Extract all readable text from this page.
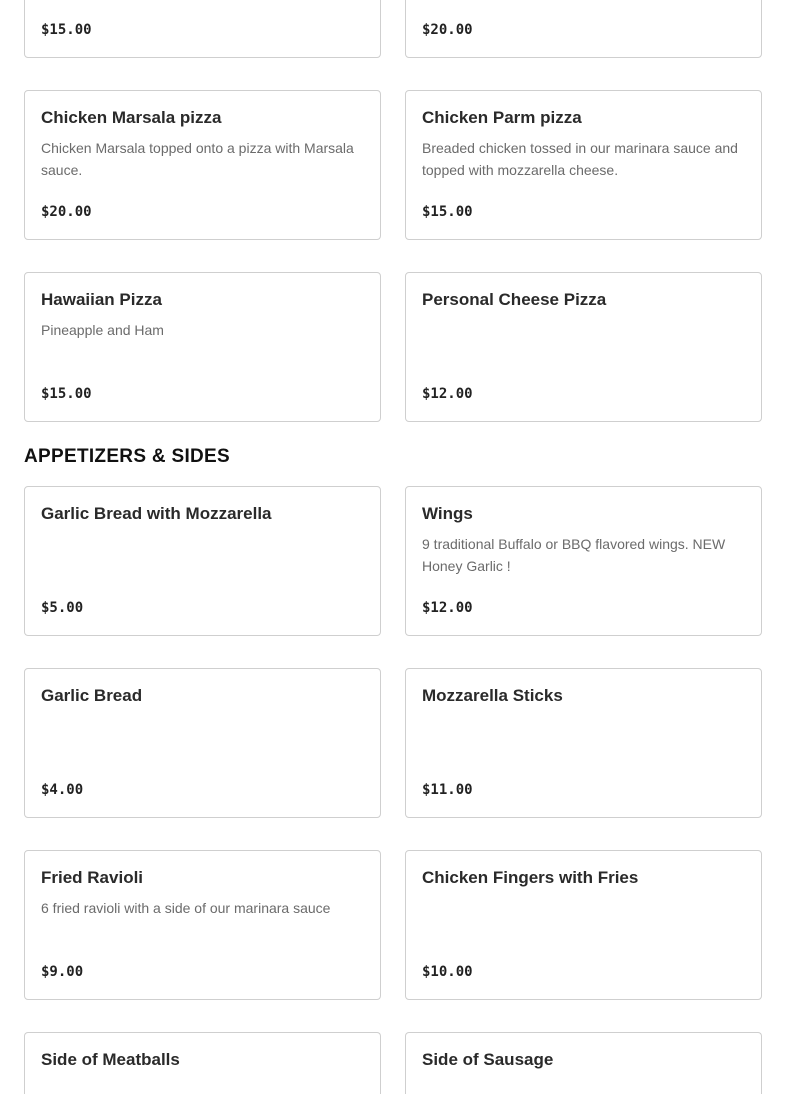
$15.00	$20.00
Chicken Marsala pizza
Chicken Marsala topped onto a pizza with Marsala sauce.
$20.00
Chicken Parm pizza
Breaded chicken tossed in our marinara sauce and topped with mozzarella cheese.
$15.00
Hawaiian Pizza
Pineapple and Ham
$15.00
Personal Cheese Pizza
$12.00
APPETIZERS & SIDES
Garlic Bread with Mozzarella
$5.00
Wings
9 traditional Buffalo or BBQ flavored wings. NEW Honey Garlic !
$12.00
Garlic Bread
$4.00
Mozzarella Sticks
$11.00
Fried Ravioli
6 fried ravioli with a side of our marinara sauce
$9.00
Chicken Fingers with Fries
$10.00
Side of Meatballs	Side of Sausage
